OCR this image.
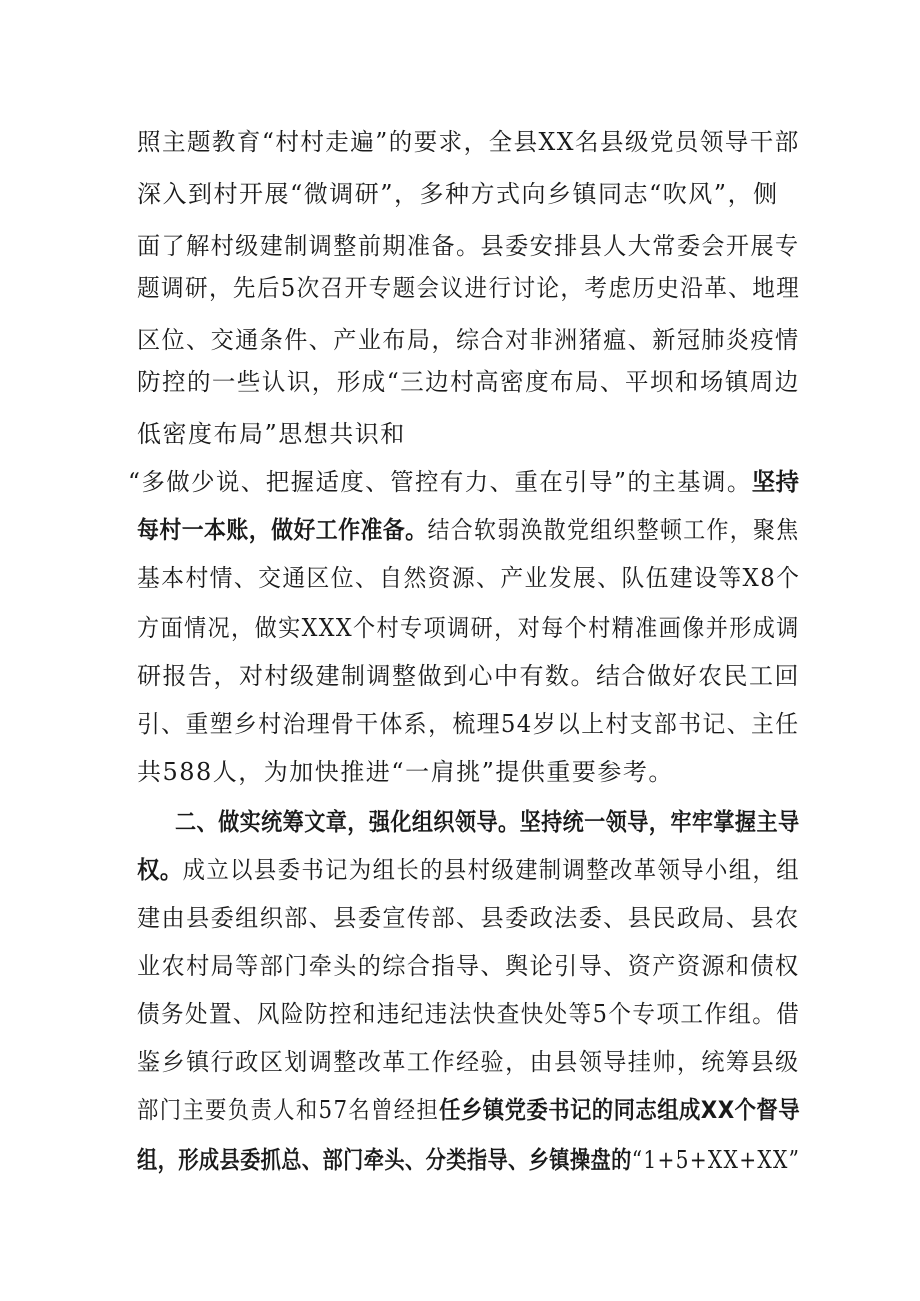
照主题教育“村村走遍”的要求，全县XX名县级党员领导干部
深入到村开展“微调研”，多种方式向乡镇同志“吹风”，侧
面了解村级建制调整前期准备。县委安排县人大常委会开展专
题调研，先后5次召开专题会议进行讨论，考虑历史沿革、地理
区位、交通条件、产业布局，综合对非洲猪瘟、新冠肺炎疫情
防控的一些认识，形成“三边村高密度布局、平坝和场镇周边
低密度布局”思想共识和
“多做少说、把握适度、管控有力、重在引导”的主基调。坚持
每村一本账，做好工作准备。结合软弱涣散党组织整顿工作，聚焦
基本村情、交通区位、自然资源、产业发展、队伍建设等X8个
方面情况，做实XXX个村专项调研，对每个村精准画像并形成调
研报告，对村级建制调整做到心中有数。结合做好农民工回
引、重塑乡村治理骨干体系，梳理54岁以上村支部书记、主任
共588人，为加快推进“一肩挑”提供重要参考。
二、做实统筹文章，强化组织领导。坚持统一领导，牢牢掌握主导
权。成立以县委书记为组长的县村级建制调整改革领导小组，组
建由县委组织部、县委宣传部、县委政法委、县民政局、县农
业农村局等部门牵头的综合指导、舆论引导、资产资源和债权
债务处置、风险防控和违纪违法快查快处等5个专项工作组。借
鉴乡镇行政区划调整改革工作经验，由县领导挂帅，统筹县级
部门主要负责人和57名曾经担任乡镇党委书记的同志组成XX个督导
组，形成县委抓总、部门牵头、分类指导、乡镇操盘的“1+5+XX+XX”
